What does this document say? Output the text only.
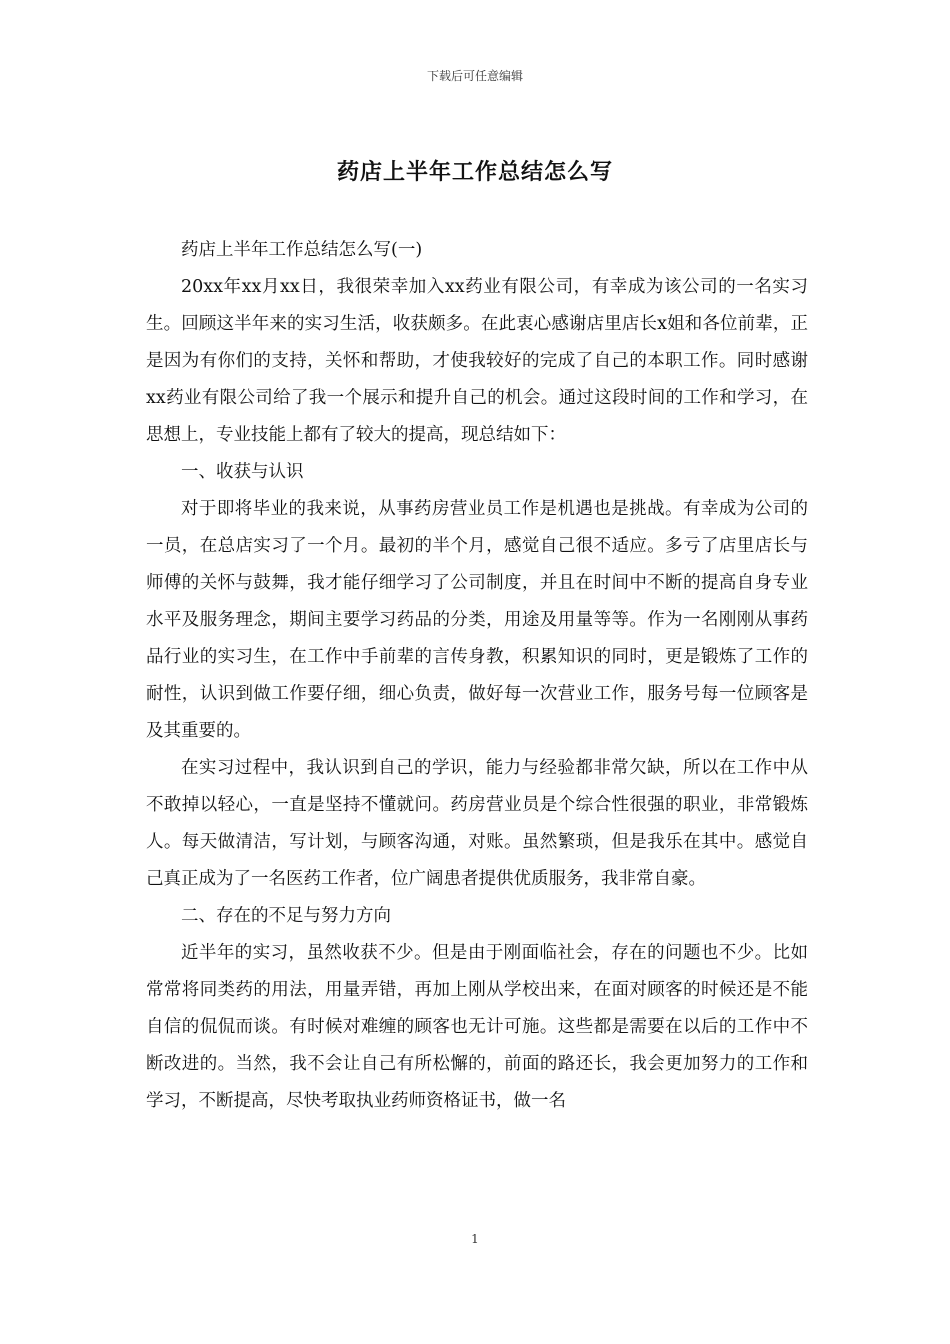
下载后可任意编辑
药店上半年工作总结怎么写

药店上半年工作总结怎么写(一)

20xx年xx月xx日，我很荣幸加入xx药业有限公司，有幸成为该公司的一名实习生。回顾这半年来的实习生活，收获颇多。在此衷心感谢店里店长x姐和各位前辈，正是因为有你们的支持，关怀和帮助，才使我较好的完成了自己的本职工作。同时感谢xx药业有限公司给了我一个展示和提升自己的机会。通过这段时间的工作和学习，在思想上，专业技能上都有了较大的提高，现总结如下：

一、收获与认识

对于即将毕业的我来说，从事药房营业员工作是机遇也是挑战。有幸成为公司的一员，在总店实习了一个月。最初的半个月，感觉自己很不适应。多亏了店里店长与师傅的关怀与鼓舞，我才能仔细学习了公司制度，并且在时间中不断的提高自身专业水平及服务理念，期间主要学习药品的分类，用途及用量等等。作为一名刚刚从事药品行业的实习生，在工作中手前辈的言传身教，积累知识的同时，更是锻炼了工作的耐性，认识到做工作要仔细，细心负责，做好每一次营业工作，服务号每一位顾客是及其重要的。

在实习过程中，我认识到自己的学识，能力与经验都非常欠缺，所以在工作中从不敢掉以轻心，一直是坚持不懂就问。药房营业员是个综合性很强的职业，非常锻炼人。每天做清洁，写计划，与顾客沟通，对账。虽然繁琐，但是我乐在其中。感觉自己真正成为了一名医药工作者，位广阔患者提供优质服务，我非常自豪。

二、存在的不足与努力方向

近半年的实习，虽然收获不少。但是由于刚面临社会，存在的问题也不少。比如常常将同类药的用法，用量弄错，再加上刚从学校出来，在面对顾客的时候还是不能自信的侃侃而谈。有时候对难缠的顾客也无计可施。这些都是需要在以后的工作中不断改进的。当然，我不会让自己有所松懈的，前面的路还长，我会更加努力的工作和学习，不断提高，尽快考取执业药师资格证书，做一名

1
